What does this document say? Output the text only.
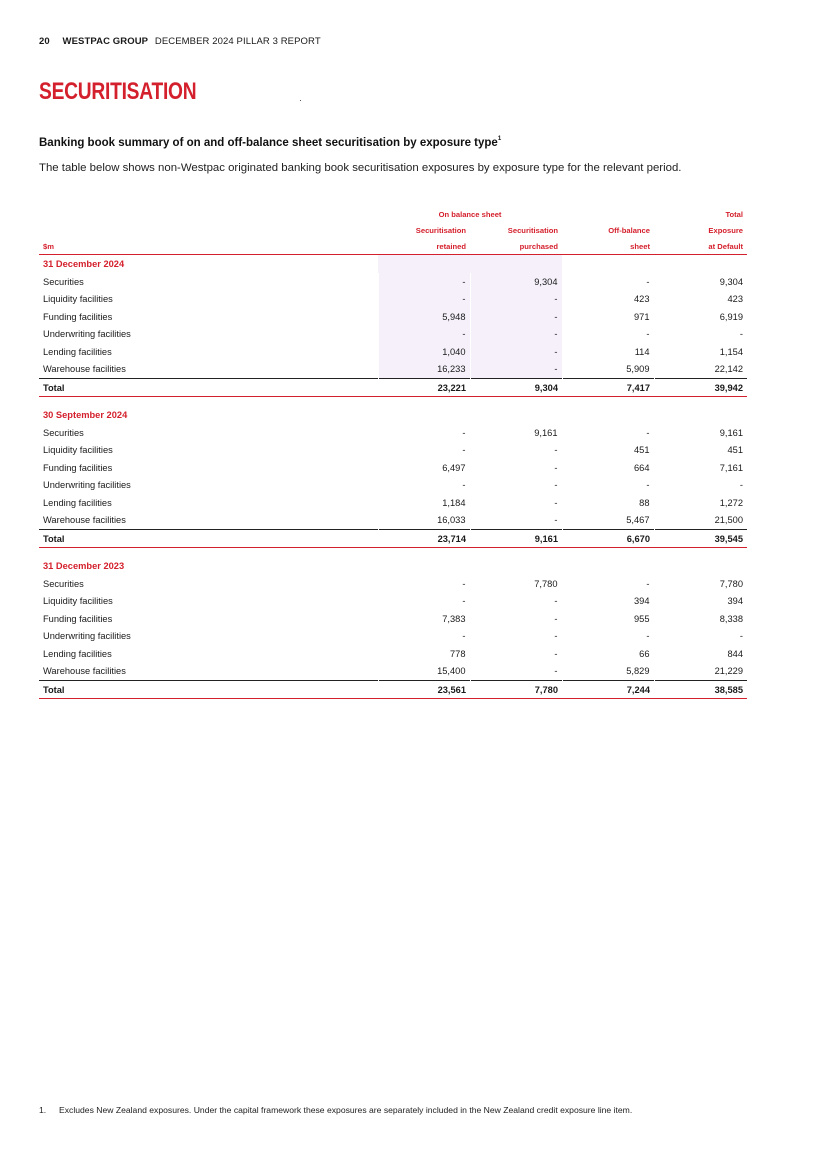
20 WESTPAC GROUP DECEMBER 2024 PILLAR 3 REPORT
SECURITISATION
Banking book summary of on and off-balance sheet securitisation by exposure type$^1$
The table below shows non-Westpac originated banking book securitisation exposures by exposure type for the relevant period.
	On balance sheet			Total
	Securitisation	Securitisation	Off-balance	Exposure
$m	retained	purchased	sheet	at Default
31 December 2024				
Securities	-	9,304	-	9,304
Liquidity facilities	-	-	423	423
Funding facilities	5,948	-	971	6,919
Underwriting facilities	-	-	-	-
Lending facilities	1,040	-	114	1,154
Warehouse facilities	16,233	-	5,909	22,142
Total	23,221	9,304	7,417	39,942

30 September 2024				
Securities	-	9,161	-	9,161
Liquidity facilities	-	-	451	451
Funding facilities	6,497	-	664	7,161
Underwriting facilities	-	-	-	-
Lending facilities	1,184	-	88	1,272
Warehouse facilities	16,033	-	5,467	21,500
Total	23,714	9,161	6,670	39,545

31 December 2023				
Securities	-	7,780	-	7,780
Liquidity facilities	-	-	394	394
Funding facilities	7,383	-	955	8,338
Underwriting facilities	-	-	-	-
Lending facilities	778	-	66	844
Warehouse facilities	15,400	-	5,829	21,229
Total	23,561	7,780	7,244	38,585
1.	Excludes New Zealand exposures. Under the capital framework these exposures are separately included in the New Zealand credit exposure line item.
